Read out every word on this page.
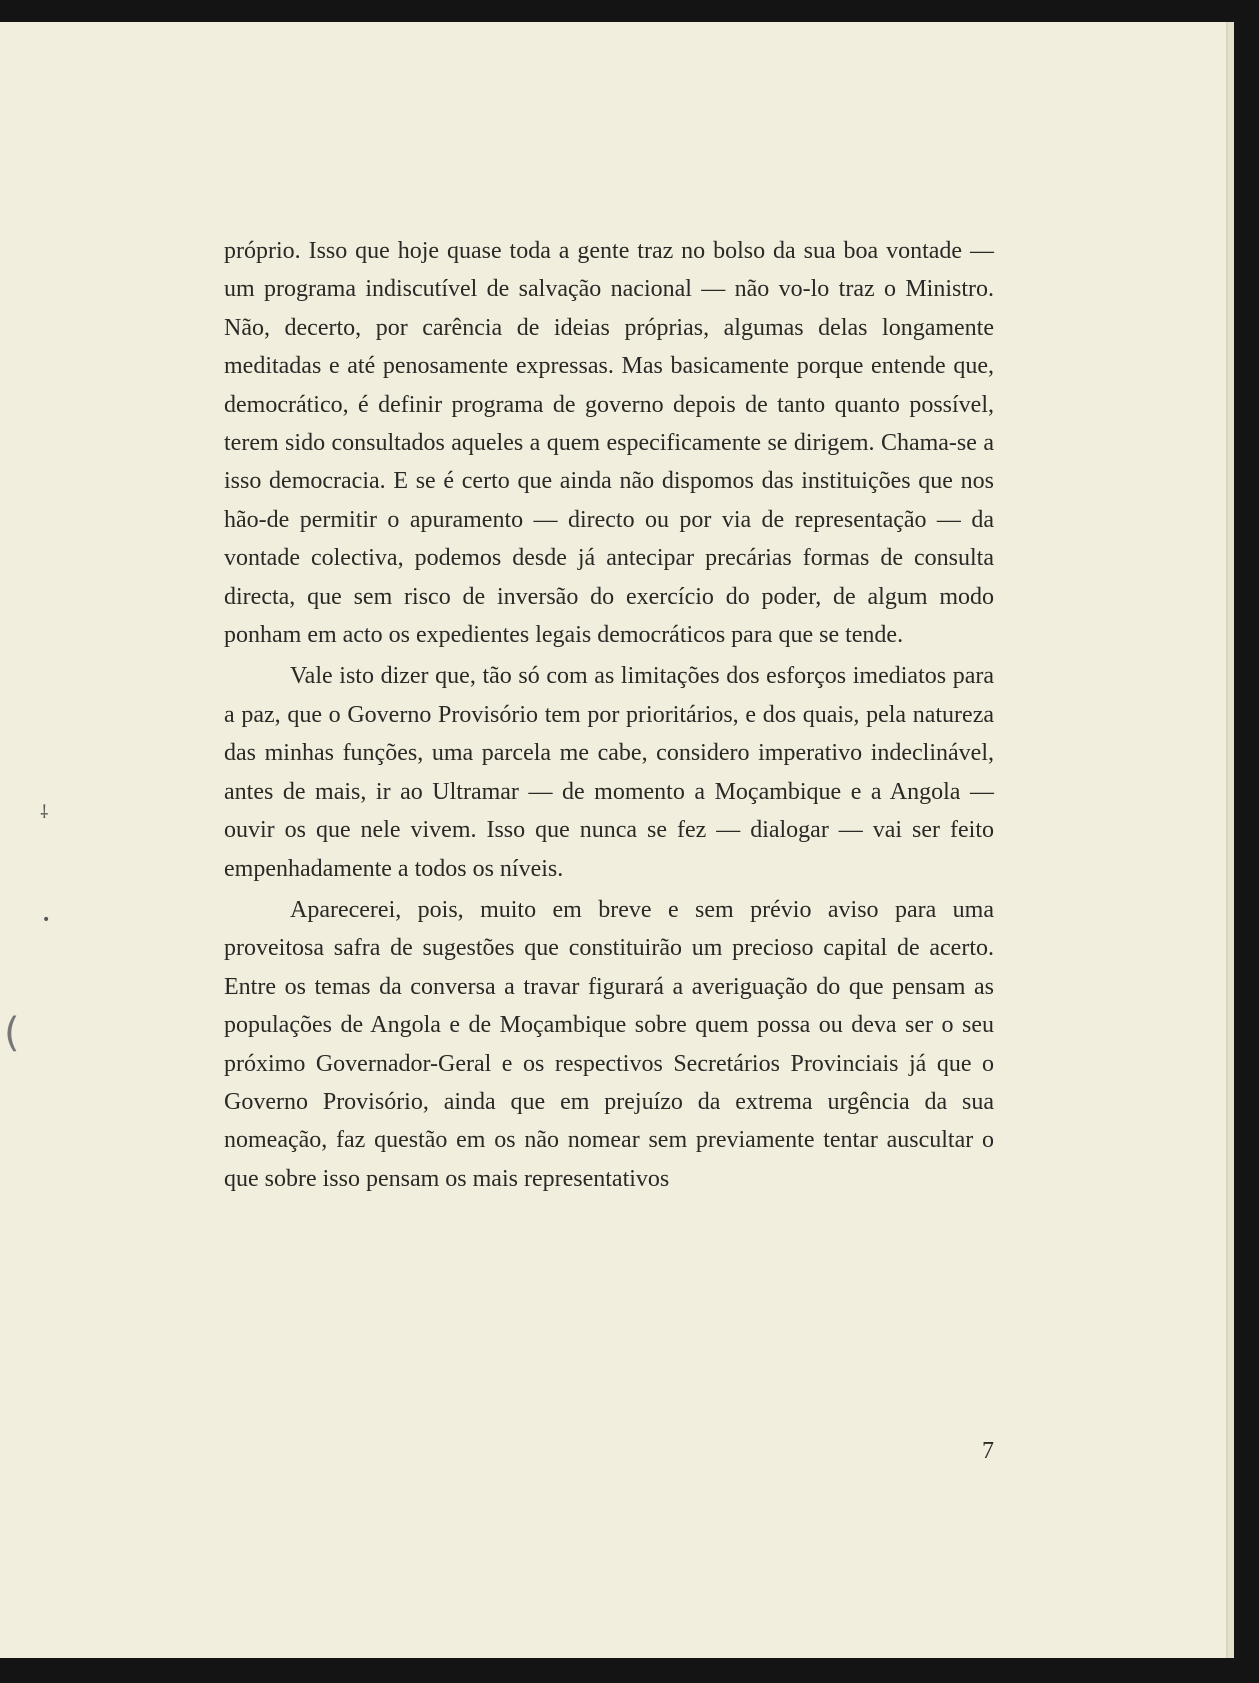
⸸
•
(

próprio. Isso que hoje quase toda a gente traz no bolso da sua boa vontade — um programa indiscutível de salvação nacional — não vo-lo traz o Ministro. Não, decerto, por carência de ideias próprias, algumas delas longamente meditadas e até penosamente expressas. Mas basicamente porque entende que, democrático, é definir programa de governo depois de tanto quanto possível, terem sido consultados aqueles a quem especificamente se dirigem. Chama-se a isso democracia. E se é certo que ainda não dispomos das instituições que nos hão-de permitir o apuramento — directo ou por via de representação — da vontade colectiva, podemos desde já antecipar precárias formas de consulta directa, que sem risco de inversão do exercício do poder, de algum modo ponham em acto os expedientes legais democráticos para que se tende.

Vale isto dizer que, tão só com as limitações dos esforços imediatos para a paz, que o Governo Provisório tem por prioritários, e dos quais, pela natureza das minhas funções, uma parcela me cabe, considero imperativo indeclinável, antes de mais, ir ao Ultramar — de momento a Moçambique e a Angola — ouvir os que nele vivem. Isso que nunca se fez — dialogar — vai ser feito empenhadamente a todos os níveis.

Aparecerei, pois, muito em breve e sem prévio aviso para uma proveitosa safra de sugestões que constituirão um precioso capital de acerto. Entre os temas da conversa a travar figurará a averiguação do que pensam as populações de Angola e de Moçambique sobre quem possa ou deva ser o seu próximo Governador-Geral e os respectivos Secretários Provinciais já que o Governo Provisório, ainda que em prejuízo da extrema urgência da sua nomeação, faz questão em os não nomear sem previamente tentar auscultar o que sobre isso pensam os mais representativos

7
